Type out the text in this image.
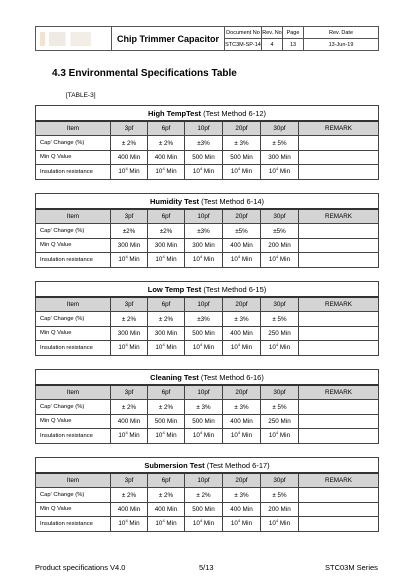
	Chip Trimmer Capacitor	Document No	Rev. No	Page	Rev. Date
		STC3M-SP-14	4	13	13-Jun-19
4.3 Environmental Specifications Table
[TABLE-3]
High TempTest (Test Method 6-12)						
Item	3pf	6pf	10pf	20pf	30pf	REMARK
Cap' Change (%)	± 2%	± 2%	±3%	± 3%	± 5%	
Min Q Value	400 Min	400 Min	500 Min	500 Min	300 Min	
Insulation resistance	$10^4$ Min	$10^4$ Min	$10^4$ Min	$10^4$ Min	$10^4$ Min	
Humidity Test (Test Method 6-14)						
Item	3pf	6pf	10pf	20pf	30pf	REMARK
Cap' Change (%)	±2%	±2%	±3%	±5%	±5%	
Min Q Value	300 Min	300 Min	300 Min	400 Min	200 Min	
Insulation resistance	$10^4$ Min	$10^4$ Min	$10^4$ Min	$10^4$ Min	$10^4$ Min	
Low Temp Test (Test Method 6-15)						
Item	3pf	6pf	10pf	20pf	30pf	REMARK
Cap' Change (%)	± 2%	± 2%	±3%	± 3%	± 5%	
Min Q Value	300 Min	300 Min	500 Min	400 Min	250 Min	
Insulation resistance	$10^4$ Min	$10^4$ Min	$10^4$ Min	$10^4$ Min	$10^4$ Min	
Cleaning Test (Test Method 6-16)						
Item	3pf	6pf	10pf	20pf	30pf	REMARK
Cap' Change (%)	± 2%	± 2%	± 3%	± 3%	± 5%	
Min Q Value	400 Min	500 Min	500 Min	400 Min	250 Min	
Insulation resistance	$10^4$ Min	$10^4$ Min	$10^4$ Min	$10^4$ Min	$10^4$ Min	
Submersion Test (Test Method 6-17)						
Item	3pf	6pf	10pf	20pf	30pf	REMARK
Cap' Change (%)	± 2%	± 2%	± 2%	± 3%	± 5%	
Min Q Value	400 Min	400 Min	500 Min	400 Min	200 Min	
Insulation resistance	$10^4$ Min	$10^4$ Min	$10^4$ Min	$10^4$ Min	$10^4$ Min	
Product specifications V4.0	5/13	STC03M Series
